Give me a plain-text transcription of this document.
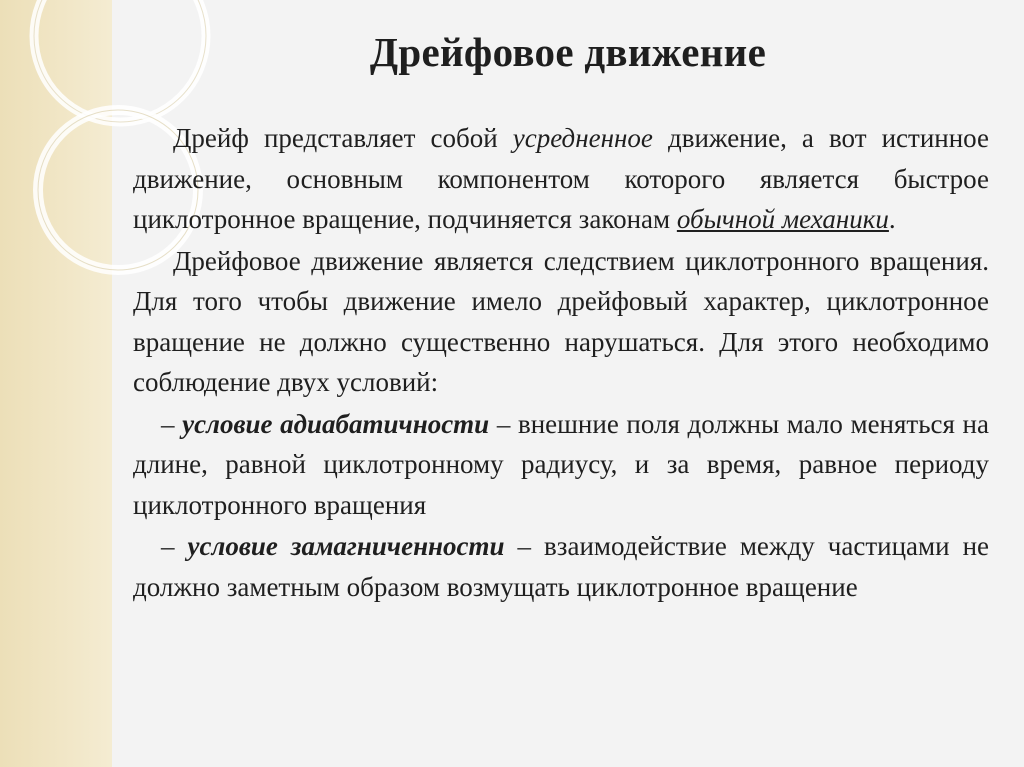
Дрейфовое движение

Дрейф представляет собой усредненное движение, а вот истинное движение, основным компонентом которого является быстрое циклотронное вращение, подчиняется законам обычной механики.

Дрейфовое движение является следствием циклотронного вращения. Для того чтобы движение имело дрейфовый характер, циклотронное вращение не должно существенно нарушаться. Для этого необходимо соблюдение двух условий:

– условие адиабатичности – внешние поля должны мало меняться на длине, равной циклотронному радиусу, и за время, равное периоду циклотронного вращения

– условие замагниченности – взаимодействие между частицами не должно заметным образом возмущать циклотронное вращение
